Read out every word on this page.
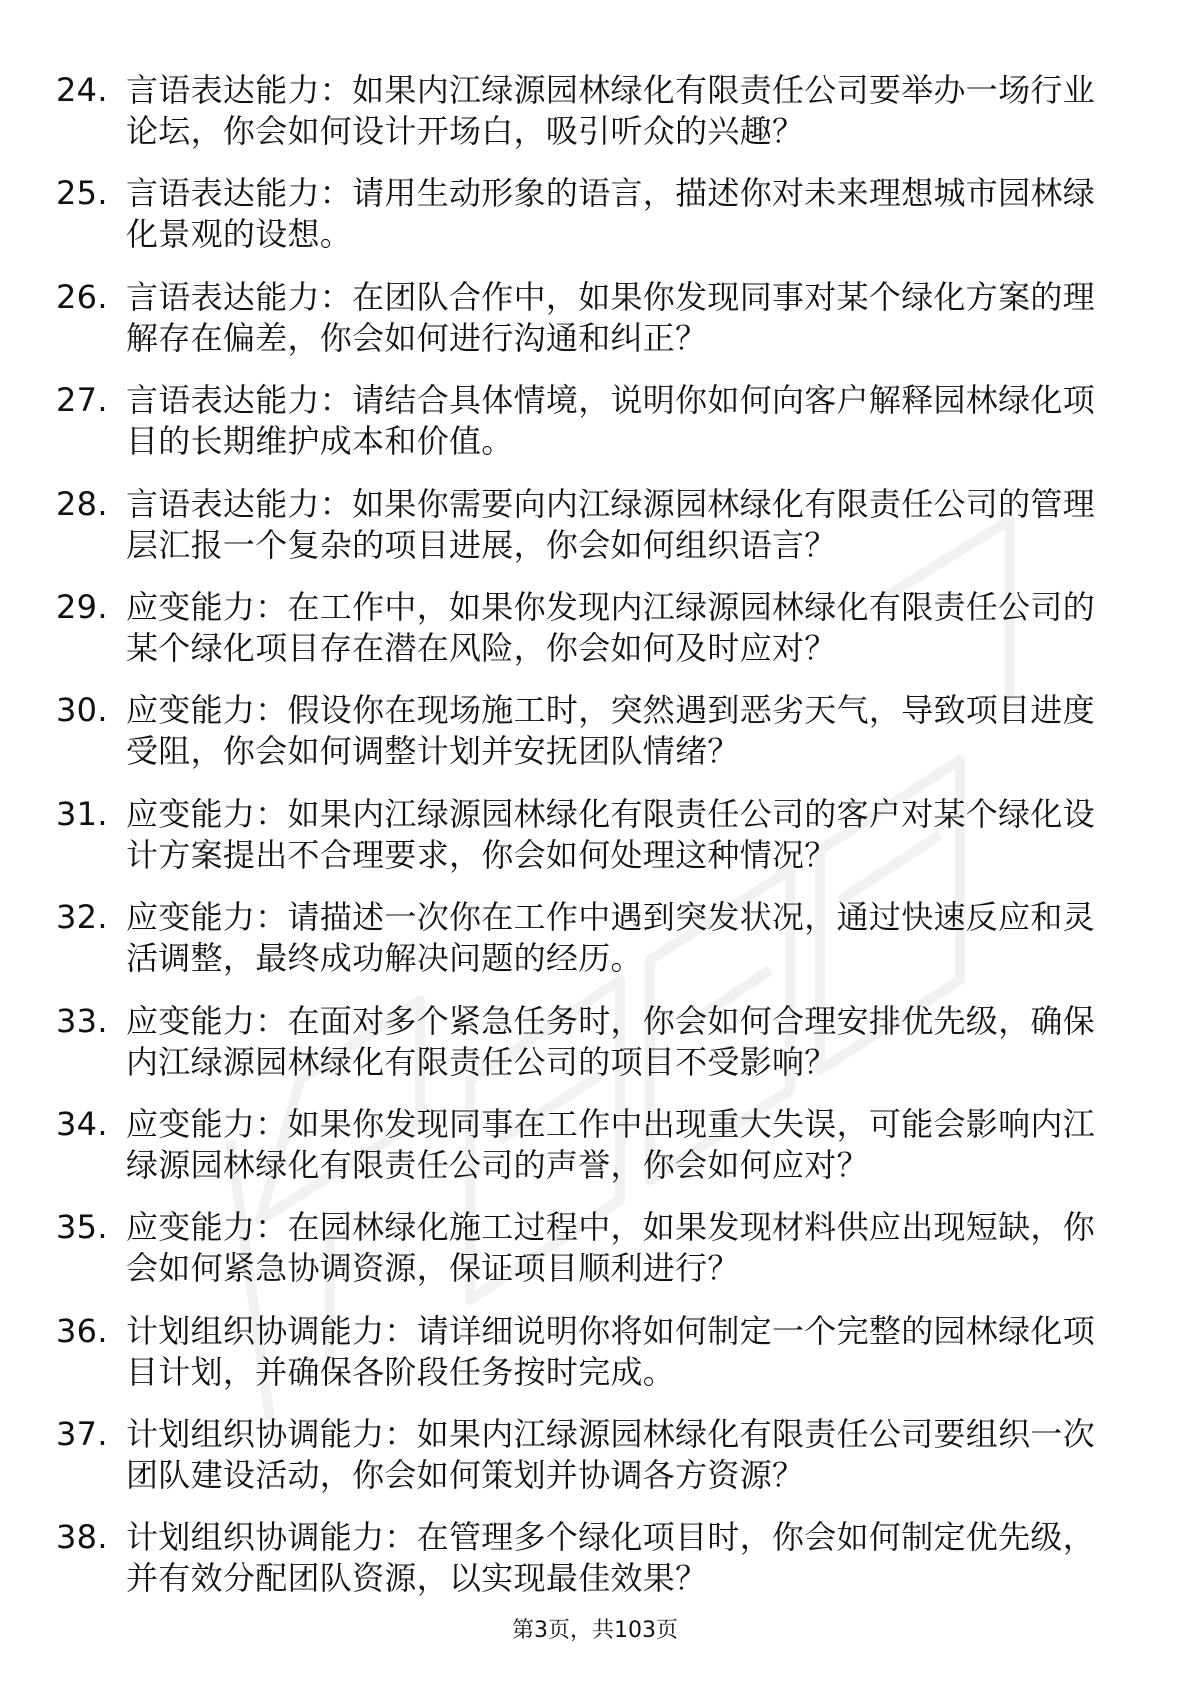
24. 言语表达能力：如果内江绿源园林绿化有限责任公司要举办一场行业论坛，你会如何设计开场白，吸引听众的兴趣？
25. 言语表达能力：请用生动形象的语言，描述你对未来理想城市园林绿化景观的设想。
26. 言语表达能力：在团队合作中，如果你发现同事对某个绿化方案的理解存在偏差，你会如何进行沟通和纠正？
27. 言语表达能力：请结合具体情境，说明你如何向客户解释园林绿化项目的长期维护成本和价值。
28. 言语表达能力：如果你需要向内江绿源园林绿化有限责任公司的管理层汇报一个复杂的项目进展，你会如何组织语言？
29. 应变能力：在工作中，如果你发现内江绿源园林绿化有限责任公司的某个绿化项目存在潜在风险，你会如何及时应对？
30. 应变能力：假设你在现场施工时，突然遇到恶劣天气，导致项目进度受阻，你会如何调整计划并安抚团队情绪？
31. 应变能力：如果内江绿源园林绿化有限责任公司的客户对某个绿化设计方案提出不合理要求，你会如何处理这种情况？
32. 应变能力：请描述一次你在工作中遇到突发状况，通过快速反应和灵活调整，最终成功解决问题的经历。
33. 应变能力：在面对多个紧急任务时，你会如何合理安排优先级，确保内江绿源园林绿化有限责任公司的项目不受影响？
34. 应变能力：如果你发现同事在工作中出现重大失误，可能会影响内江绿源园林绿化有限责任公司的声誉，你会如何应对？
35. 应变能力：在园林绿化施工过程中，如果发现材料供应出现短缺，你会如何紧急协调资源，保证项目顺利进行？
36. 计划组织协调能力：请详细说明你将如何制定一个完整的园林绿化项目计划，并确保各阶段任务按时完成。
37. 计划组织协调能力：如果内江绿源园林绿化有限责任公司要组织一次团队建设活动，你会如何策划并协调各方资源？
38. 计划组织协调能力：在管理多个绿化项目时，你会如何制定优先级，并有效分配团队资源，以实现最佳效果？
第3页，共103页
